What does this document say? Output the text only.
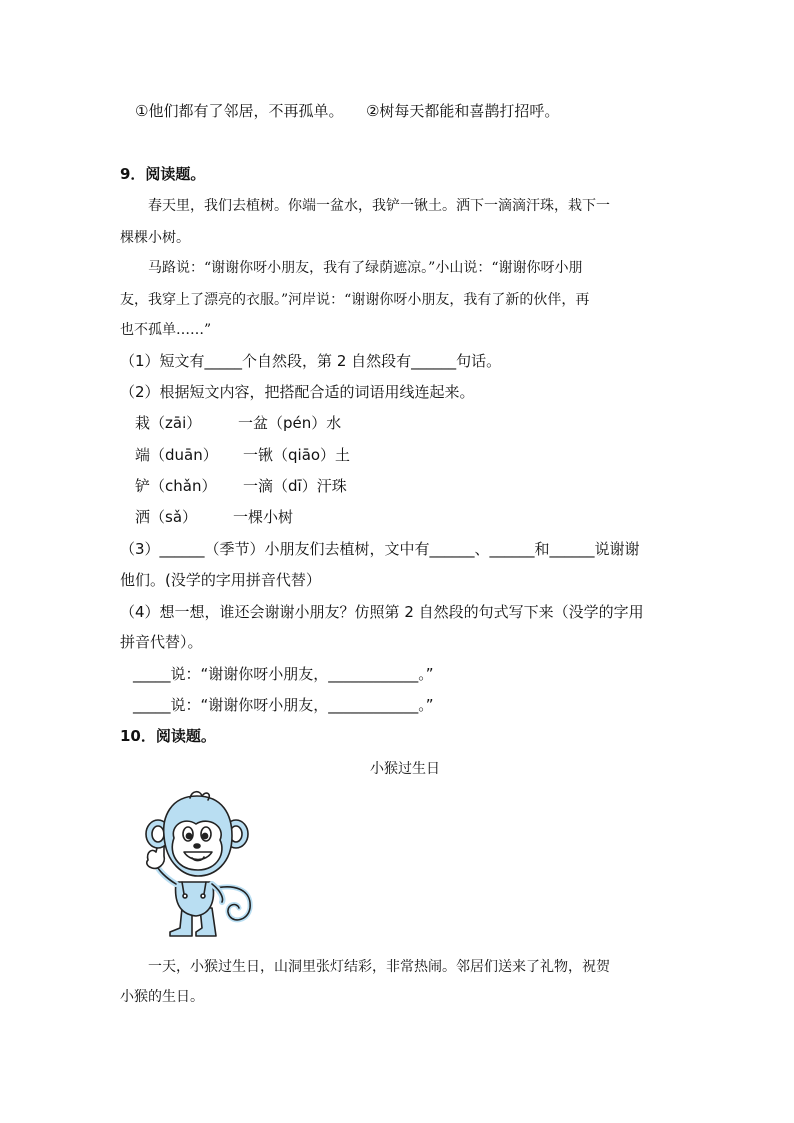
①他们都有了邻居，不再孤单。　　②树每天都能和喜鹊打招呼。
9．阅读题。
春天里，我们去植树。你端一盆水，我铲一锹土。洒下一滴滴汗珠，栽下一
棵棵小树。
马路说：“谢谢你呀小朋友，我有了绿荫遮凉。”小山说：“谢谢你呀小朋
友，我穿上了漂亮的衣服。”河岸说：“谢谢你呀小朋友，我有了新的伙伴，再
也不孤单……”
（1）短文有_____个自然段，第 2 自然段有______句话。
（2）根据短文内容，把搭配合适的词语用线连起来。
栽（zāi） 一盆（pén）水
端（duān） 一锹（qiāo）土
铲（chǎn） 一滴（dī）汗珠
洒（sǎ） 一棵小树
（3）______（季节）小朋友们去植树，文中有______、______和______说谢谢
他们。(没学的字用拼音代替）
（4）想一想，谁还会谢谢小朋友？仿照第 2 自然段的句式写下来（没学的字用
拼音代替）。
_____说：“谢谢你呀小朋友，____________。”
_____说：“谢谢你呀小朋友，____________。”
10．阅读题。
小猴过生日
一天，小猴过生日，山洞里张灯结彩，非常热闹。邻居们送来了礼物，祝贺
小猴的生日。
